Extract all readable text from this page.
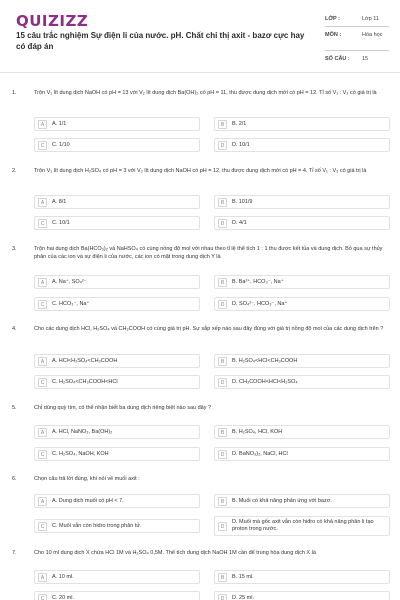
QUIZIZZ
15 câu trắc nghiệm Sự điện li của nước. pH. Chất chỉ thị axit - bazơ cực hay có đáp án
LỚP :	Lớp 11
MÔN :	Hóa học
SỐ CÂU : 15
1.	Trộn V₁ lít dung dịch NaOH có pH = 13 với V₂ lít dung dịch Ba(OH)₂ có pH = 11, thu được dung dịch mới có pH = 12. Tỉ số V₁ : V₂ có giá trị là
A	A. 1/1	B	B. 2/1
C	C. 1/10	D	D. 10/1
2.	Trộn V₁ lít dung dịch H₂SO₄ có pH = 3 với V₂ lít dung dịch NaOH có pH = 12, thu được dung dịch mới có pH = 4. Tỉ số V₁ : V₂ có giá trị là
A	A. 8/1	B	B. 101/9
C	C. 10/1	D	D. 4/1
3.	Trộn hai dung dịch Ba(HCO₃)₂ và NaHSO₄ có cùng nồng độ mol với nhau theo tỉ lệ thể tích 1 : 1 thu được kết tủa và dung dịch. Bỏ qua sự thủy phân của các ion và sự điện li của nước, các ion có mặt trong dung dịch Y là
A	A. Na⁺, SO₄²⁻	B	B. Ba²⁺, HCO₃⁻, Na⁺
C	C. HCO₃⁻, Na⁺	D	D. SO₄²⁻, HCO₃⁻, Na⁺
4.	Cho các dung dịch HCl, H₂SO₄ và CH₃COOH có cùng giá trị pH. Sự sắp xếp nào sau đây đúng với giá trị nồng độ mol của các dung dịch trên ?
A	A. HCl<H₂SO₄<CH₃COOH	B	B. H₂SO₄<HCl<CH₃COOH
C	C. H₂SO₄<CH₃COOH<HCl	D	D. CH₃COOH<HCl<H₂SO₄
5.	Chỉ dùng quỳ tím, có thể nhận biết ba dung dịch riêng biệt nào sau đây ?
A	A. HCl, NaNO₃, Ba(OH)₂	B	B. H₂SO₄, HCl, KOH
C	C. H₂SO₄, NaOH, KOH	D	D. BaNO₃)₂, NaCl, HCl
6.	Chọn câu trả lời đúng, khi nói về muối axit :
A	A. Dung dịch muối có pH < 7.	B	B. Muối có khả năng phản ứng với bazơ.
C	C. Muối vẫn còn hidro trong phân tử.	D
D. Muối mà gốc axit vẫn còn hiđro có khả năng phân li tạo proton trong nước.
7.	Cho 10 ml dung dịch X chứa HCl 1M và H₂SO₄ 0,5M. Thể tích dung dịch NaOH 1M cần để trung hòa dung dịch X là
A	A. 10 ml.	B	B. 15 ml.
C	C. 20 ml.	D	D. 25 ml.
